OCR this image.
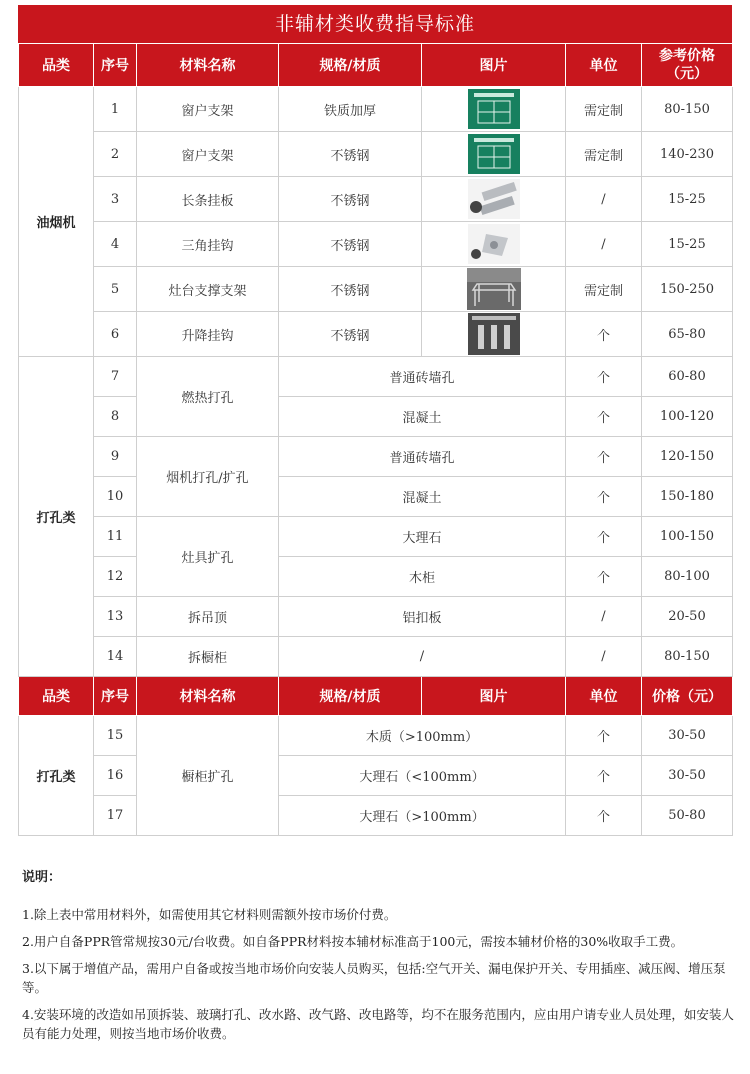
非辅材类收费指导标准
品类	序号	材料名称	规格/材质	图片	单位	参考价格（元）
油烟机	1	窗户支架	铁质加厚		需定制	80-150
	2	窗户支架	不锈钢		需定制	140-230
	3	长条挂板	不锈钢		/	15-25
	4	三角挂钩	不锈钢		/	15-25
	5	灶台支撑支架	不锈钢		需定制	150-250
	6	升降挂钩	不锈钢		个	65-80
打孔类	7	燃热打孔	普通砖墙孔		个	60-80
	8		混凝土		个	100-120
	9	烟机打孔/扩孔	普通砖墙孔		个	120-150
	10		混凝土		个	150-180
	11	灶具扩孔	大理石		个	100-150
	12		木柜		个	80-100
	13	拆吊顶	铝扣板		/	20-50
	14	拆橱柜	/		/	80-150
品类	序号	材料名称	规格/材质	图片	单位	价格（元）
打孔类	15	橱柜扩孔	木质（>100mm）		个	30-50
	16		大理石（<100mm）		个	30-50
	17		大理石（>100mm）		个	50-80
说明：

1.除上表中常用材料外，如需使用其它材料则需额外按市场价付费。

2.用户自备PPR管常规按30元/台收费。如自备PPR材料按本辅材标准高于100元，需按本辅材价格的30%收取手工费。

3.以下属于增值产品，需用户自备或按当地市场价向安装人员购买，包括:空气开关、漏电保护开关、专用插座、减压阀、增压泵等。

4.安装环境的改造如吊顶拆装、玻璃打孔、改水路、改气路、改电路等，均不在服务范围内，应由用户请专业人员处理，如安装人员有能力处理，则按当地市场价收费。
